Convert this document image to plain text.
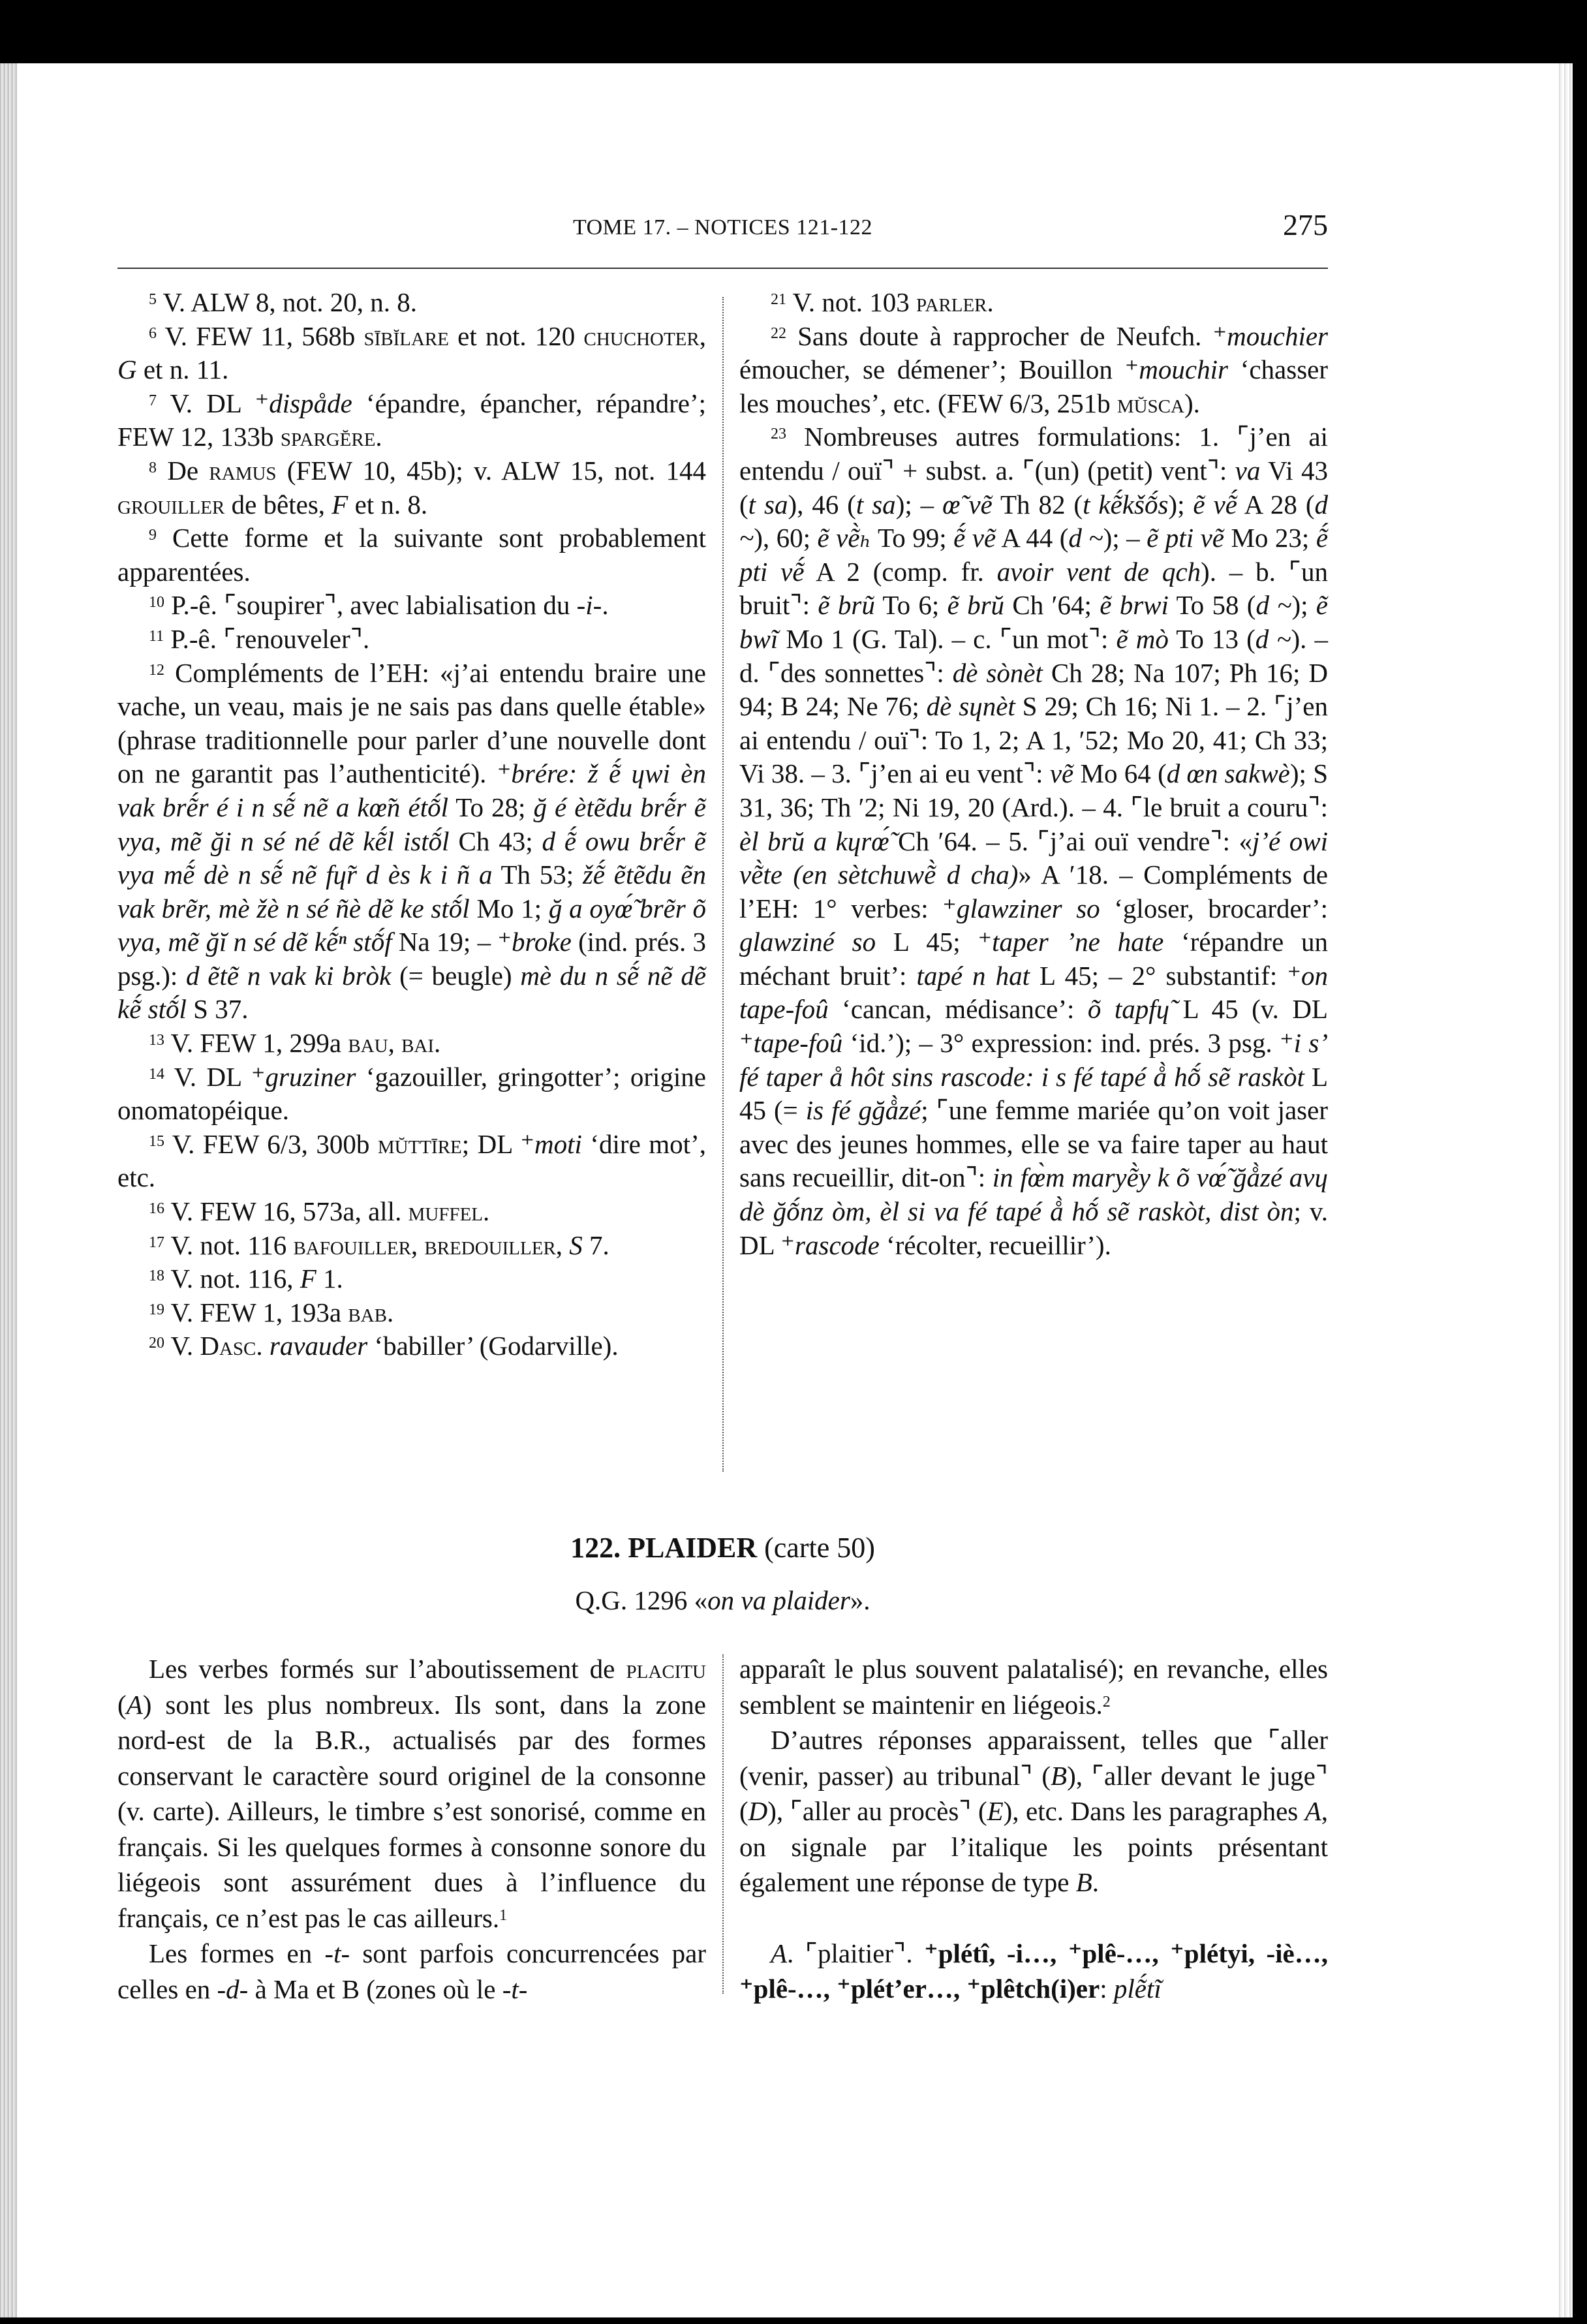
TOME 17. – NOTICES 121-122	275

$^5$ V. ALW 8, not. 20, n. 8.

$^6$ V. FEW 11, 568b sībĭlare et not. 120 chuchoter, G et n. 11.

$^7$ V. DL ⁺dispåde ‘épandre, épancher, répandre’; FEW 12, 133b spargĕre.

$^8$ De ramus (FEW 10, 45b); v. ALW 15, not. 144 grouiller de bêtes, F et n. 8.

$^9$ Cette forme et la suivante sont probablement apparentées.

$^{10}$ P.-ê. ⌜soupirer⌝, avec labialisation du -i-.

$^{11}$ P.-ê. ⌜renouveler⌝.

$^{12}$ Compléments de l’EH: «j’ai entendu braire une vache, un veau, mais je ne sais pas dans quelle étable» (phrase traditionnelle pour parler d’une nouvelle dont on ne garantit pas l’authenticité). ⁺brére: ž ẽ́ ɥwi èn vak brẽ́r é i n sẽ́ nẽ a kœ̃n étṍl To 28; ğ é ètẽdu brẽ́r ẽ vya, mẽ ği n sé né dẽ kẽ́l istṍl Ch 43; d ẽ́ owu brẽ́r ẽ vya mẽ́ dè n sẽ́ nẽ fɥ̃r d ès k i ñ a Th 53; žẽ́ ẽtẽdu ẽn vak brẽr, mè žè n sé ñè dẽ ke stṍl Mo 1; ğ a oyœ̃́ brẽr õ vya, mẽ ğĭ n sé dẽ kẽ́ⁿ stṍf Na 19; – ⁺broke (ind. prés. 3 psg.): d ẽtẽ n vak ki bròk (= beugle) mè du n sẽ́ nẽ dẽ kẽ́ stṍl S 37.

$^{13}$ V. FEW 1, 299a bau, bai.

$^{14}$ V. DL ⁺gruziner ‘gazouiller, gringotter’; origine onomatopéique.

$^{15}$ V. FEW 6/3, 300b mŭttīre; DL ⁺moti ‘dire mot’, etc.

$^{16}$ V. FEW 16, 573a, all. muffel.

$^{17}$ V. not. 116 bafouiller, bredouiller, S 7.

$^{18}$ V. not. 116, F 1.

$^{19}$ V. FEW 1, 193a bab.

$^{20}$ V. Dasc. ravauder ‘babiller’ (Godarville).

$^{21}$ V. not. 103 parler.

$^{22}$ Sans doute à rapprocher de Neufch. ⁺mouchier émoucher, se démener’; Bouillon ⁺mouchir ‘chasser les mouches’, etc. (FEW 6/3, 251b mŭsca).

$^{23}$ Nombreuses autres formulations: 1. ⌜j’en ai entendu / ouï⌝ + subst. a. ⌜(un) (petit) vent⌝: va Vi 43 (t sa), 46 (t sa); – œ̃ vẽ Th 82 (t kẽ́kšṍs); ẽ vẽ́ A 28 (d ~), 60; ẽ vẽ̀ₕ To 99; ẽ́ vẽ A 44 (d ~); – ẽ pti vẽ Mo 23; ẽ́ pti vẽ́ A 2 (comp. fr. avoir vent de qch). – b. ⌜un bruit⌝: ẽ brũ To 6; ẽ brŭ Ch ′64; ẽ brwi To 58 (d ~); ẽ bwĩ Mo 1 (G. Tal). – c. ⌜un mot⌝: ẽ mò To 13 (d ~). – d. ⌜des sonnettes⌝: dè sònèt Ch 28; Na 107; Ph 16; D 94; B 24; Ne 76; dè sɥnèt S 29; Ch 16; Ni 1. – 2. ⌜j’en ai entendu / ouï⌝: To 1, 2; A 1, ′52; Mo 20, 41; Ch 33; Vi 38. – 3. ⌜j’en ai eu vent⌝: vẽ Mo 64 (d œn sakwè); S 31, 36; Th ′2; Ni 19, 20 (Ard.). – 4. ⌜le bruit a couru⌝: èl brŭ a kɥrœ̃́ Ch ′64. – 5. ⌜j’ai ouï vendre⌝: «j’é owi vẽ̀te (en sètchuwẽ̀ d cha)» A ′18. – Compléments de l’EH: 1° verbes: ⁺glawziner so ‘gloser, brocarder’: glawziné so L 45; ⁺taper ’ne hate ‘répandre un méchant bruit’: tapé n hat L 45; – 2° substantif: ⁺on tape-foû ‘cancan, médisance’: õ tapfɥ̃ L 45 (v. DL ⁺tape-foû ‘id.’); – 3° expression: ind. prés. 3 psg. ⁺i s’ fé taper å hôt sins rascode: i s fé tapé å̀ hṍ sẽ raskòt L 45 (= is fé gğå̀zé; ⌜une femme mariée qu’on voit jaser avec des jeunes hommes, elle se va faire taper au haut sans recueillir, dit-on⌝: in fœ̀m maryẽ̀y k õ vœ̃́ ğå̀zé avɥ dè ğṍnz òm, èl si va fé tapé å̀ hṍ sẽ raskòt, dist òn; v. DL ⁺rascode ‘récolter, recueillir’).

122. PLAIDER (carte 50)
Q.G. 1296 «on va plaider».

Les verbes formés sur l’aboutissement de placitu (A) sont les plus nombreux. Ils sont, dans la zone nord-est de la B.R., actualisés par des formes conservant le caractère sourd originel de la consonne (v. carte). Ailleurs, le timbre s’est sonorisé, comme en français. Si les quelques formes à consonne sonore du liégeois sont assurément dues à l’influence du français, ce n’est pas le cas ailleurs.$^1$

Les formes en -t- sont parfois concurrencées par celles en -d- à Ma et B (zones où le -t-

apparaît le plus souvent palatalisé); en revanche, elles semblent se maintenir en liégeois.$^2$

D’autres réponses apparaissent, telles que ⌜aller (venir, passer) au tribunal⌝ (B), ⌜aller devant le juge⌝ (D), ⌜aller au procès⌝ (E), etc. Dans les paragraphes A, on signale par l’italique les points présentant également une réponse de type B.

A. ⌜plaitier⌝. ⁺plétî, -i…, ⁺plê-…, ⁺plétyi, -iè…, ⁺plê-…, ⁺plét’er…, ⁺plêtch(i)er: plẽ́tĩ
